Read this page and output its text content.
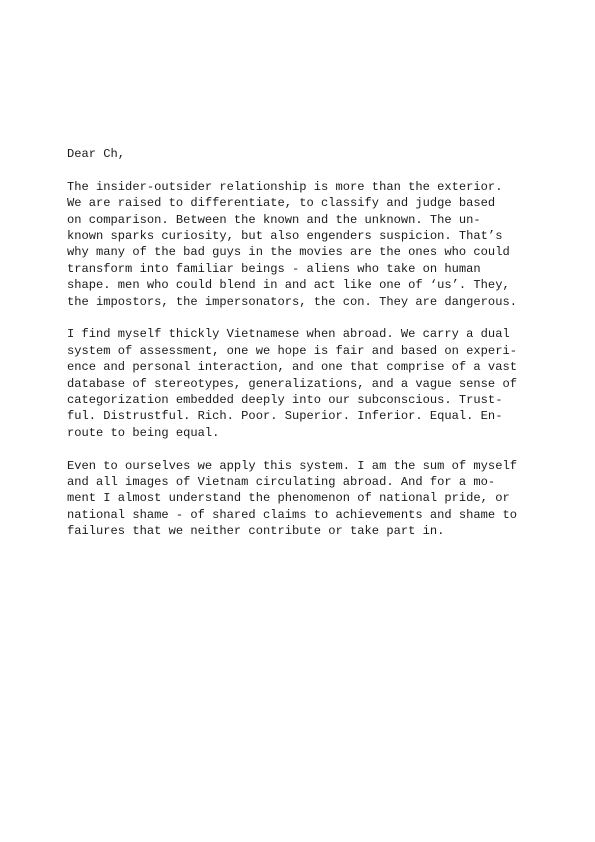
Dear Ch,
The insider-outsider relationship is more than the exterior.
We are raised to differentiate, to classify and judge based
on comparison. Between the known and the unknown. The un-
known sparks curiosity, but also engenders suspicion. That’s
why many of the bad guys in the movies are the ones who could
transform into familiar beings - aliens who take on human
shape. men who could blend in and act like one of ‘us’. They,
the impostors, the impersonators, the con. They are dangerous.
I find myself thickly Vietnamese when abroad. We carry a dual
system of assessment, one we hope is fair and based on experi-
ence and personal interaction, and one that comprise of a vast
database of stereotypes, generalizations, and a vague sense of
categorization embedded deeply into our subconscious. Trust-
ful. Distrustful. Rich. Poor. Superior. Inferior. Equal. En-
route to being equal.
Even to ourselves we apply this system. I am the sum of myself
and all images of Vietnam circulating abroad. And for a mo-
ment I almost understand the phenomenon of national pride, or
national shame - of shared claims to achievements and shame to
failures that we neither contribute or take part in.
